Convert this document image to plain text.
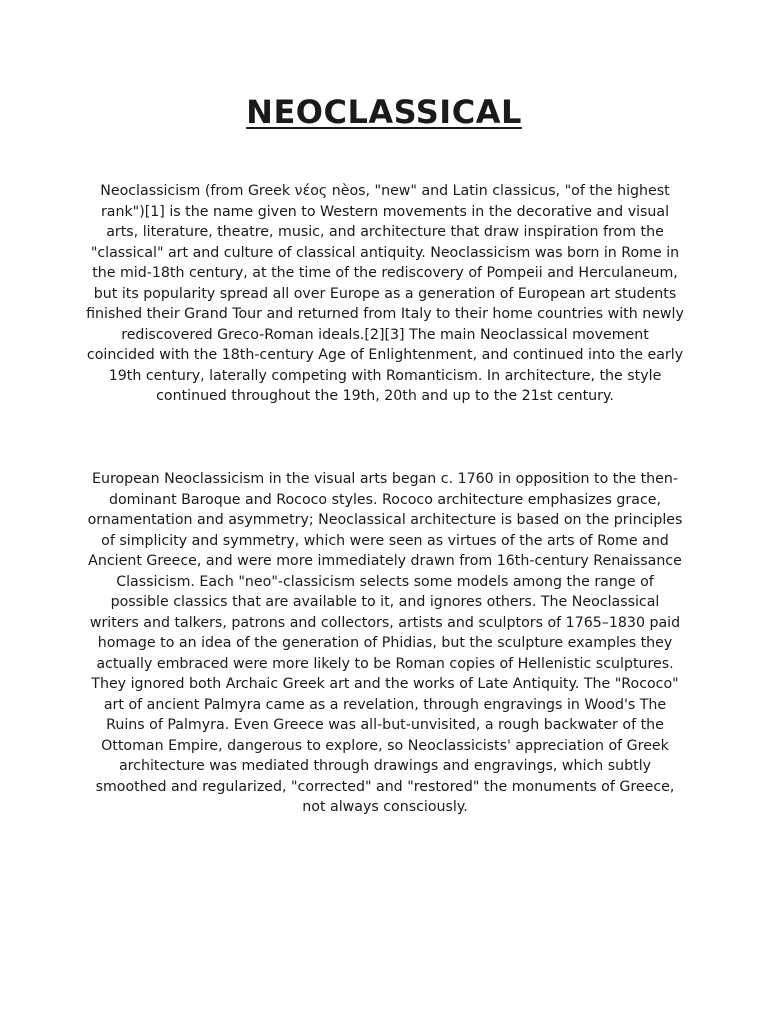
NEOCLASSICAL

Neoclassicism (from Greek νέος nèos, "new" and Latin classicus, "of the highest rank")[1] is the name given to Western movements in the decorative and visual arts, literature, theatre, music, and architecture that draw inspiration from the "classical" art and culture of classical antiquity. Neoclassicism was born in Rome in the mid-18th century, at the time of the rediscovery of Pompeii and Herculaneum, but its popularity spread all over Europe as a generation of European art students finished their Grand Tour and returned from Italy to their home countries with newly rediscovered Greco-Roman ideals.[2][3] The main Neoclassical movement coincided with the 18th-century Age of Enlightenment, and continued into the early 19th century, laterally competing with Romanticism. In architecture, the style continued throughout the 19th, 20th and up to the 21st century.

European Neoclassicism in the visual arts began c. 1760 in opposition to the then-dominant Baroque and Rococo styles. Rococo architecture emphasizes grace, ornamentation and asymmetry; Neoclassical architecture is based on the principles of simplicity and symmetry, which were seen as virtues of the arts of Rome and Ancient Greece, and were more immediately drawn from 16th-century Renaissance Classicism. Each "neo"-classicism selects some models among the range of possible classics that are available to it, and ignores others. The Neoclassical writers and talkers, patrons and collectors, artists and sculptors of 1765–1830 paid homage to an idea of the generation of Phidias, but the sculpture examples they actually embraced were more likely to be Roman copies of Hellenistic sculptures. They ignored both Archaic Greek art and the works of Late Antiquity. The "Rococo" art of ancient Palmyra came as a revelation, through engravings in Wood's The Ruins of Palmyra. Even Greece was all-but-unvisited, a rough backwater of the Ottoman Empire, dangerous to explore, so Neoclassicists' appreciation of Greek architecture was mediated through drawings and engravings, which subtly smoothed and regularized, "corrected" and "restored" the monuments of Greece, not always consciously.
